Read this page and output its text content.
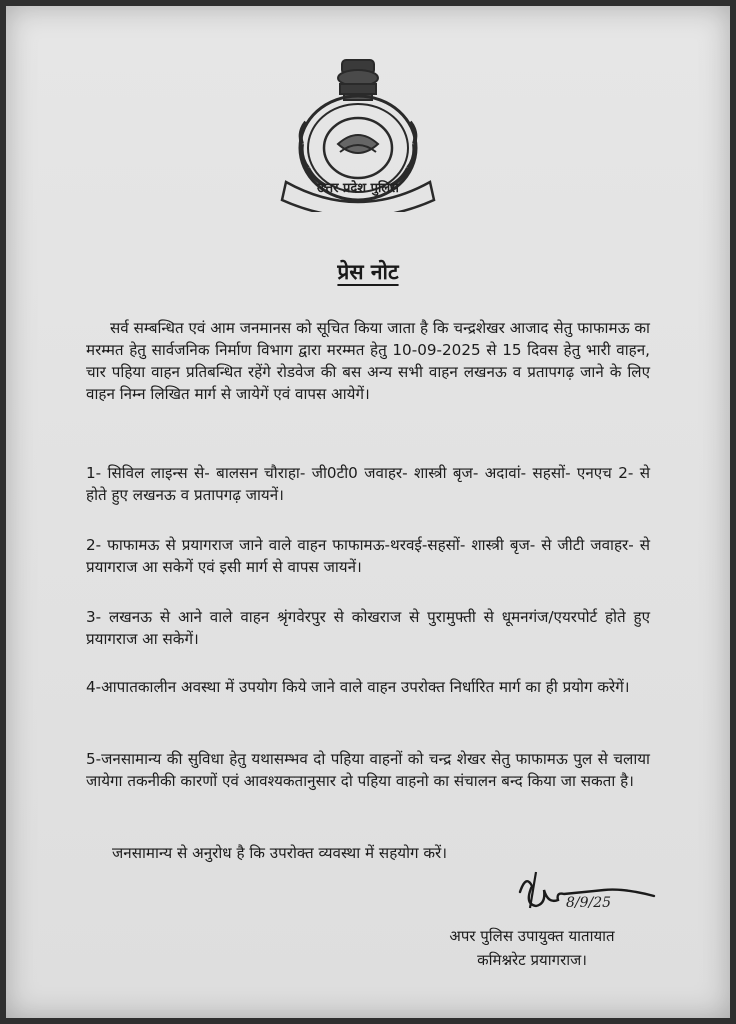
उत्तर प्रदेश पुलिस
प्रेस नोट
सर्व सम्बन्धित एवं आम जनमानस को सूचित किया जाता है कि चन्द्रशेखर आजाद सेतु फाफामऊ का मरम्मत हेतु सार्वजनिक निर्माण विभाग द्वारा मरम्मत हेतु 10-09-2025 से 15 दिवस हेतु भारी वाहन, चार पहिया वाहन प्रतिबन्धित रहेंगे रोडवेज की बस अन्य सभी वाहन लखनऊ व प्रतापगढ़ जाने के लिए वाहन निम्न लिखित मार्ग से जायेगें एवं वापस आयेगें।
1- सिविल लाइन्स से- बालसन चौराहा- जी0टी0 जवाहर- शास्त्री बृज- अदावां- सहसों- एनएच 2- से होते हुए लखनऊ व प्रतापगढ़ जायनें।
2- फाफामऊ से प्रयागराज जाने वाले वाहन फाफामऊ-थरवई-सहसों- शास्त्री बृज- से जीटी जवाहर- से प्रयागराज आ सकेगें एवं इसी मार्ग से वापस जायनें।
3- लखनऊ से आने वाले वाहन श्रृंगवेरपुर से कोखराज से पुरामुफ्ती से धूमनगंज/एयरपोर्ट होते हुए प्रयागराज आ सकेगें।
4-आपातकालीन अवस्था में उपयोग किये जाने वाले वाहन उपरोक्त निर्धारित मार्ग का ही प्रयोग करेगें।
5-जनसामान्य की सुविधा हेतु यथासम्भव दो पहिया वाहनों को चन्द्र शेखर सेतु फाफामऊ पुल से चलाया जायेगा तकनीकी कारणों एवं आवश्यकतानुसार दो पहिया वाहनो का संचालन बन्द किया जा सकता है।
जनसामान्य से अनुरोध है कि उपरोक्त व्यवस्था में सहयोग करें।
8/9/25
अपर पुलिस उपायुक्त यातायात
कमिश्नरेट प्रयागराज।
